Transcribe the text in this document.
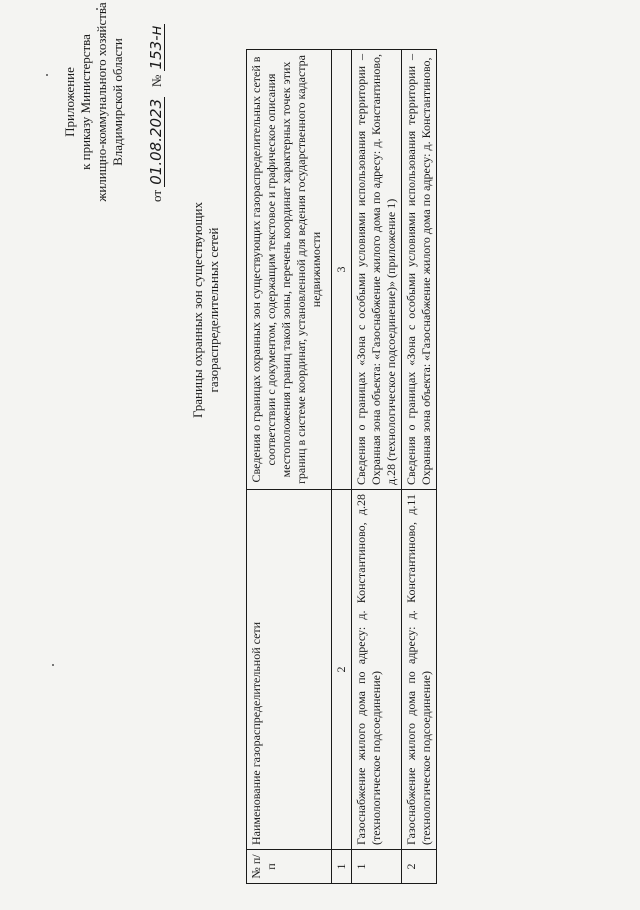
Приложение к приказу Министерства жилищно-коммунального хозяйства Владимирской области
от 01.08.2023   № 153-н
Границы охранных зон существующих газораспределительных сетей
№ п/п	Наименование газораспределительной сети	Сведения о границах охранных зон существующих газораспределительных сетей в соответствии с документом, содержащим текстовое и графическое описания местоположения границ такой зоны, перечень координат характерных точек этих границ в системе координат, установленной для ведения государственного кадастра недвижимости
1	2	3
1	Газоснабжение жилого дома по адресу: д. Константиново, д.28 (технологическое подсоединение)	Сведения о границах «Зона с особыми условиями использования территории – Охранная зона объекта: «Газоснабжение жилого дома по адресу: д. Константиново, д.28 (технологическое подсоединение)» (приложение 1)
2	Газоснабжение жилого дома по адресу: д. Константиново, д.11 (технологическое подсоединение)	Сведения о границах «Зона с особыми условиями использования территории – Охранная зона объекта: «Газоснабжение жилого дома по адресу: д. Константиново,
